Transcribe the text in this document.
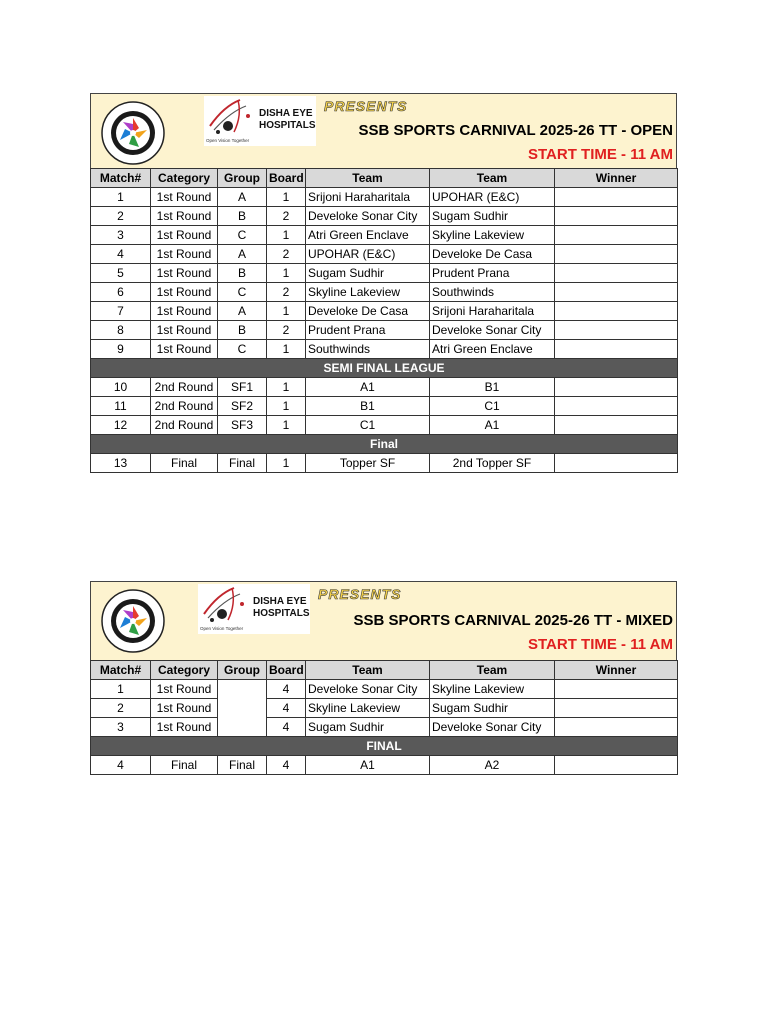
DISHA EYE
HOSPITALS
Open Vision Together
PRESENTS
SSB SPORTS CARNIVAL 2025-26 TT - OPEN
START TIME - 11 AM
Match#	Category	Group	Board	Team	Team	Winner
1	1st Round	A	1	Srijoni Haraharitala	UPOHAR (E&C)	
2	1st Round	B	2	Develoke Sonar City	Sugam Sudhir	
3	1st Round	C	1	Atri Green Enclave	Skyline Lakeview	
4	1st Round	A	2	UPOHAR (E&C)	Develoke De Casa	
5	1st Round	B	1	Sugam Sudhir	Prudent Prana	
6	1st Round	C	2	Skyline Lakeview	Southwinds	
7	1st Round	A	1	Develoke De Casa	Srijoni Haraharitala	
8	1st Round	B	2	Prudent Prana	Develoke Sonar City	
9	1st Round	C	1	Southwinds	Atri Green Enclave	
SEMI FINAL LEAGUE						
10	2nd Round	SF1	1	A1	B1	
11	2nd Round	SF2	1	B1	C1	
12	2nd Round	SF3	1	C1	A1	
Final						
13	Final	Final	1	Topper SF	2nd Topper SF	
DISHA EYE
HOSPITALS
Open Vision Together
PRESENTS
SSB SPORTS CARNIVAL 2025-26 TT - MIXED
START TIME - 11 AM
Match#	Category	Group	Board	Team	Team	Winner
1	1st Round		4	Develoke Sonar City	Skyline Lakeview	
2	1st Round		4	Skyline Lakeview	Sugam Sudhir	
3	1st Round		4	Sugam Sudhir	Develoke Sonar City	
FINAL						
4	Final	Final	4	A1	A2	
